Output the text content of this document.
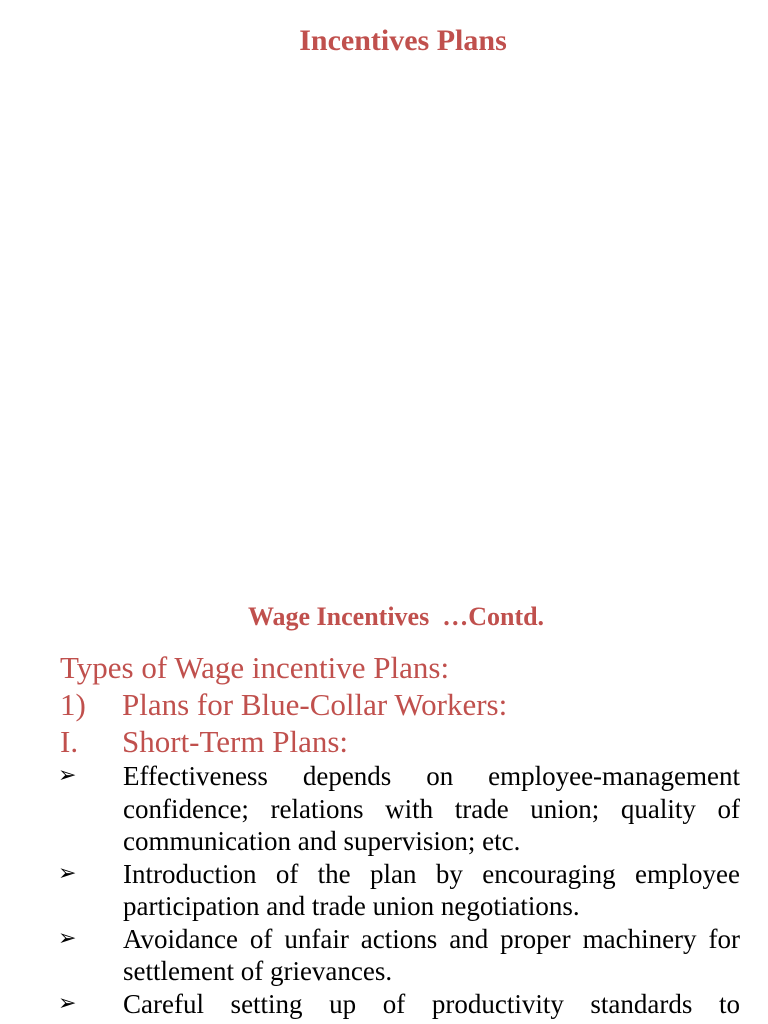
Incentives Plans
Wage Incentives  …Contd.
Types of Wage incentive Plans:
1) Plans for Blue-Collar Workers:
I. Short-Term Plans:
➢ Effectiveness depends on employee-management confidence; relations with trade union; quality of communication and supervision; etc.
➢ Introduction of the plan by encouraging employee participation and trade union negotiations.
➢ Avoidance of unfair actions and proper machinery for settlement of grievances.
➢ Careful setting up of productivity standards to
